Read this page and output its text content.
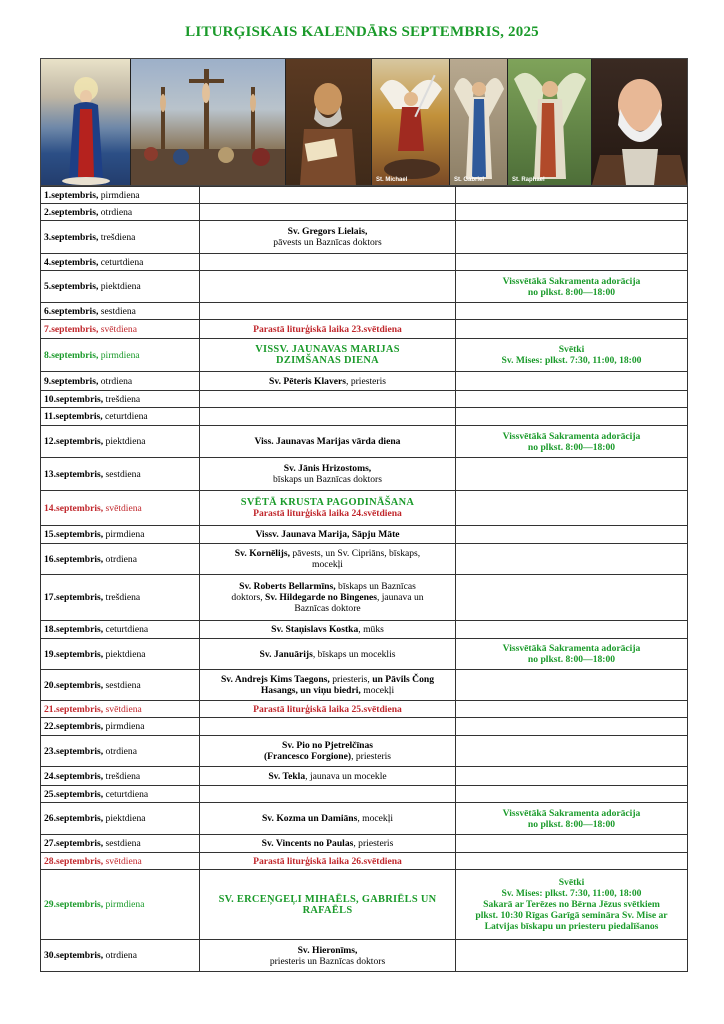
LITURĢISKAIS KALENDĀRS SEPTEMBRIS, 2025
St. Michael	St. Gabriel	St. Raphael
1.septembris, pirmdiena		
2.septembris, otrdiena		
3.septembris, trešdiena	Sv. Gregors Lielais,
pāvests un Baznīcas doktors	
4.septembris, ceturtdiena		
5.septembris, piektdiena		Vissvētākā Sakramenta adorācija
no plkst. 8:00—18:00
6.septembris, sestdiena		
7.septembris, svētdiena	Parastā liturģiskā laika 23.svētdiena	
8.septembris, pirmdiena	VISSV. JAUNAVAS MARIJAS
DZIMŠANAS DIENA	Svētki
Sv. Mises: plkst. 7:30, 11:00, 18:00
9.septembris, otrdiena	Sv. Pēteris Klavers, priesteris	
10.septembris, trešdiena		
11.septembris, ceturtdiena		
12.septembris, piektdiena	Viss. Jaunavas Marijas vārda diena	Vissvētākā Sakramenta adorācija
no plkst. 8:00—18:00
13.septembris, sestdiena	Sv. Jānis Hrizostoms,
bīskaps un Baznīcas doktors	
14.septembris, svētdiena	SVĒTĀ KRUSTA PAGODINĀŠANA
Parastā liturģiskā laika 24.svētdiena	
15.septembris, pirmdiena	Vissv. Jaunava Marija, Sāpju Māte	
16.septembris, otrdiena	Sv. Kornēlijs, pāvests, un Sv. Cipriāns, bīskaps,
mocekļi	
17.septembris, trešdiena	Sv. Roberts Bellarmīns, bīskaps un Baznīcas
doktors, Sv. Hildegarde no Bingenes, jaunava un
Baznīcas doktore	
18.septembris, ceturtdiena	Sv. Staņislavs Kostka, mūks	
19.septembris, piektdiena	Sv. Januārijs, bīskaps un moceklis	Vissvētākā Sakramenta adorācija
no plkst. 8:00—18:00
20.septembris, sestdiena	Sv. Andrejs Kims Taegons, priesteris, un Pāvils Čong
Hasangs, un viņu biedri, mocekļi	
21.septembris, svētdiena	Parastā liturģiskā laika 25.svētdiena	
22.septembris, pirmdiena		
23.septembris, otrdiena	Sv. Pio no Pjetrelčīnas
(Francesco Forgione), priesteris	
24.septembris, trešdiena	Sv. Tekla, jaunava un mocekle	
25.septembris, ceturtdiena		
26.septembris, piektdiena	Sv. Kozma un Damiāns, mocekļi	Vissvētākā Sakramenta adorācija
no plkst. 8:00—18:00
27.septembris, sestdiena	Sv. Vincents no Paulas, priesteris	
28.septembris, svētdiena	Parastā liturģiskā laika 26.svētdiena	
29.septembris, pirmdiena	SV. ERCEŅGEĻI MIHAĒLS, GABRIĒLS UN
RAFAĒLS	Svētki
Sv. Mises: plkst. 7:30, 11:00, 18:00
Sakarā ar Terēzes no Bērna Jēzus svētkiem
plkst. 10:30 Rīgas Garīgā semināra Sv. Mise ar
Latvijas bīskapu un priesteru piedalīšanos
30.septembris, otrdiena	Sv. Hieronīms,
priesteris un Baznīcas doktors	
